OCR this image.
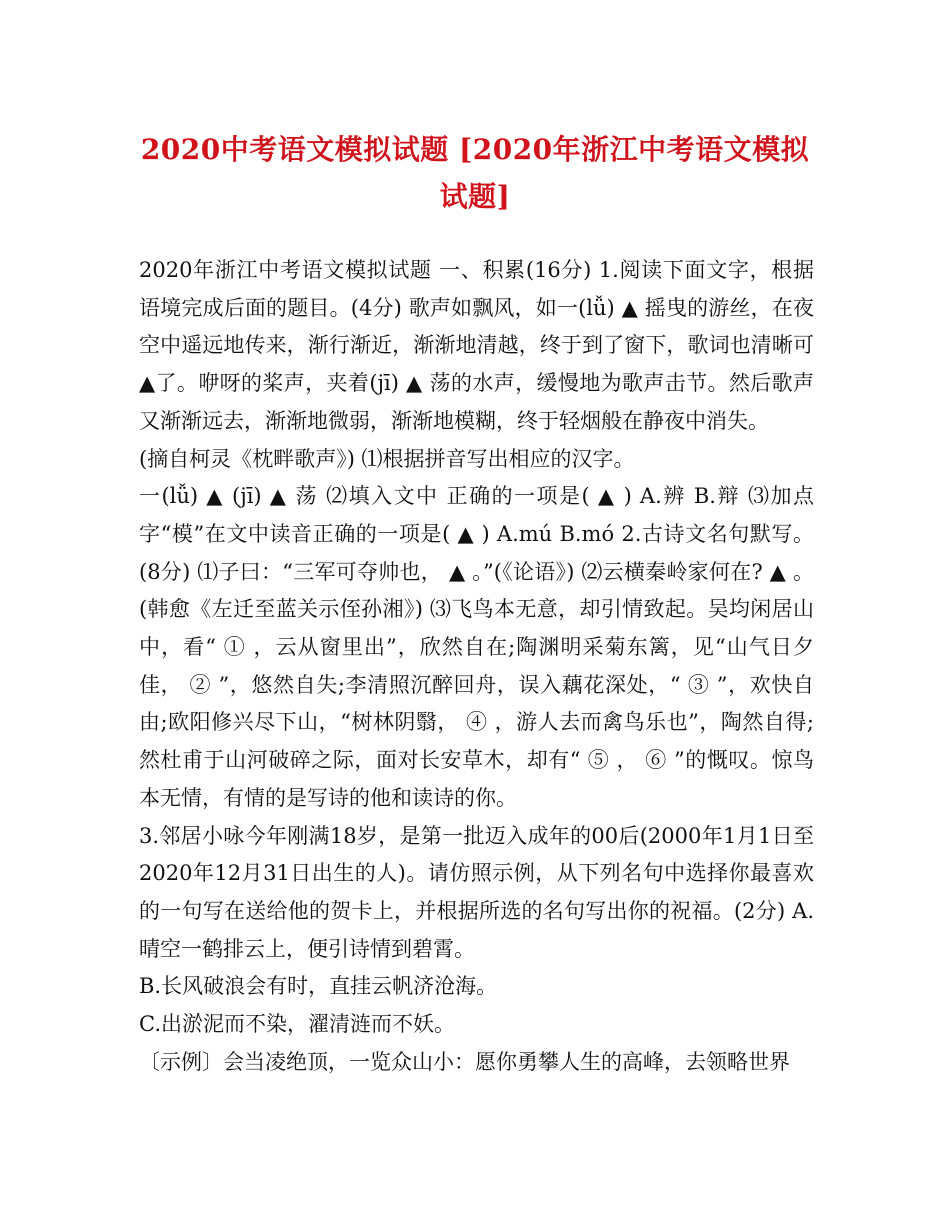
2020中考语文模拟试题 [2020年浙江中考语文模拟试题]

2020年浙江中考语文模拟试题 一、积累(16分) 1.阅读下面文字，根据语境完成后面的题目。(4分) 歌声如飘风，如一(lǚ) ▲ 摇曳的游丝，在夜空中遥远地传来，渐行渐近，渐渐地清越，终于到了窗下，歌词也清晰可▲了。咿呀的桨声，夹着(jī) ▲ 荡的水声，缓慢地为歌声击节。然后歌声又渐渐远去，渐渐地微弱，渐渐地模糊，终于轻烟般在静夜中消失。

(摘自柯灵《枕畔歌声》) ⑴根据拼音写出相应的汉字。

一(lǚ) ▲ (jī) ▲ 荡 ⑵填入文中 正确的一项是( ▲ ) A.辨 B.辩 ⑶加点字“模”在文中读音正确的一项是( ▲ ) A.mú B.mó 2.古诗文名句默写。(8分) ⑴子曰：“三军可夺帅也， ▲ 。”(《论语》) ⑵云横秦岭家何在? ▲ 。(韩愈《左迁至蓝关示侄孙湘》) ⑶飞鸟本无意，却引情致起。吴均闲居山中，看“ ① ，云从窗里出”，欣然自在;陶渊明采菊东篱，见“山气日夕佳， ② ”，悠然自失;李清照沉醉回舟，误入藕花深处，“ ③ ”，欢快自由;欧阳修兴尽下山，“树林阴翳， ④ ，游人去而禽鸟乐也”，陶然自得;然杜甫于山河破碎之际，面对长安草木，却有“ ⑤ ， ⑥ ”的慨叹。惊鸟本无情，有情的是写诗的他和读诗的你。

3.邻居小咏今年刚满18岁，是第一批迈入成年的00后(2000年1月1日至2020年12月31日出生的人)。请仿照示例，从下列名句中选择你最喜欢的一句写在送给他的贺卡上，并根据所选的名句写出你的祝福。(2分) A.晴空一鹤排云上，便引诗情到碧霄。

B.长风破浪会有时，直挂云帆济沧海。

C.出淤泥而不染，濯清涟而不妖。

〔示例〕会当凌绝顶，一览众山小：愿你勇攀人生的高峰，去领略世界
